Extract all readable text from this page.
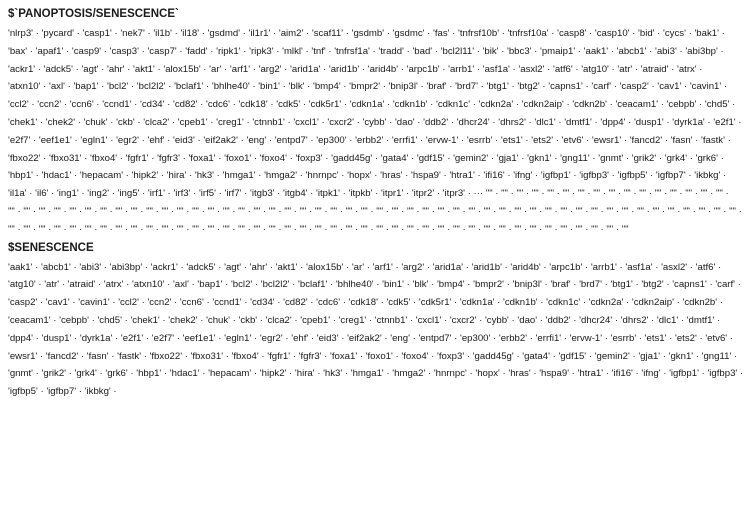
$`PANOPTOSIS/SENESCENCE`
'nlrp3' · 'pycard' · 'casp1' · 'nek7' · 'il1b' · 'il18' · 'gsdmd' · 'il1r1' · 'aim2' · 'scaf11' · 'gsdmb' · 'gsdmc' · 'fas' · 'tnfrsf10b' · 'tnfrsf10a' · 'casp8' · 'casp10' · 'bid' · 'cycs' · 'bak1' · 'bax' · 'apaf1' · 'casp9' · 'casp3' · 'casp7' · 'fadd' · 'ripk1' · 'ripk3' · 'mlkl' · 'tnf' · 'tnfrsf1a' · 'tradd' · 'bad' · 'bcl2l11' · 'bik' · 'bbc3' · 'pmaip1' · 'aak1' · 'abcb1' · 'abi3' · 'abi3bp' · 'ackr1' · 'adck5' · 'agt' · 'ahr' · 'akt1' · 'alox15b' · 'ar' · 'arf1' · 'arg2' · 'arid1a' · 'arid1b' · 'arid4b' · 'arpc1b' · 'arrb1' · 'asf1a' · 'asxl2' · 'atf6' · 'atg10' · 'atr' · 'atraid' · 'atrx' · 'atxn10' · 'axl' · 'bap1' · 'bcl2' · 'bcl2l2' · 'bclaf1' · 'bhlhe40' · 'bin1' · 'blk' · 'bmp4' · 'bmpr2' · 'bnip3l' · 'braf' · 'brd7' · 'btg1' · 'btg2' · 'capns1' · 'carf' · 'casp2' · 'cav1' · 'cavin1' · 'ccl2' · 'ccn2' · 'ccn6' · 'ccnd1' · 'cd34' · 'cd82' · 'cdc6' · 'cdk18' · 'cdk5' · 'cdk5r1' · 'cdkn1a' · 'cdkn1b' · 'cdkn1c' · 'cdkn2a' · 'cdkn2aip' · 'cdkn2b' · 'ceacam1' · 'cebpb' · 'chd5' · 'chek1' · 'chek2' · 'chuk' · 'ckb' · 'clca2' · 'cpeb1' · 'creg1' · 'ctnnb1' · 'cxcl1' · 'cxcr2' · 'cybb' · 'dao' · 'ddb2' · 'dhcr24' · 'dhrs2' · 'dlc1' · 'dmtf1' · 'dpp4' · 'dusp1' · 'dyrk1a' · 'e2f1' · 'e2f7' · 'eef1e1' · 'egln1' · 'egr2' · 'ehf' · 'eid3' · 'eif2ak2' · 'eng' · 'entpd7' · 'ep300' · 'erbb2' · 'errfi1' · 'ervw-1' · 'esrrb' · 'ets1' · 'ets2' · 'etv6' · 'ewsr1' · 'fancd2' · 'fasn' · 'fastk' · 'fbxo22' · 'fbxo31' · 'fbxo4' · 'fgfr1' · 'fgfr3' · 'foxa1' · 'foxo1' · 'foxo4' · 'foxp3' · 'gadd45g' · 'gata4' · 'gdf15' · 'gemin2' · 'gja1' · 'gkn1' · 'gng11' · 'gnmt' · 'grik2' · 'grk4' · 'grk6' · 'hbp1' · 'hdac1' · 'hepacam' · 'hipk2' · 'hira' · 'hk3' · 'hmga1' · 'hmga2' · 'hnrnpc' · 'hopx' · 'hras' · 'hspa9' · 'htra1' · 'ifi16' · 'ifng' · 'igfbp1' · 'igfbp3' · 'igfbp5' · 'igfbp7' · 'ikbkg' · 'il1a' · 'il6' · 'ing1' · 'ing2' · 'ing5' · 'irf1' · 'irf3' · 'irf5' · 'irf7' · 'itgb3' · 'itgb4' · 'itpk1' · 'itpkb' · 'itpr1' · 'itpr2' · 'itpr3' · ··· "" · "" · "" · "" · "" · "" · "" · "" · "" · "" · "" · "" · "" · "" · "" · "" · "" · "" · "" · "" · "" · "" · "" · "" · "" · "" · "" · "" · "" · "" · "" · "" · "" · "" · "" · "" · "" · "" · "" · "" · "" · "" · "" · "" · "" · "" · "" · "" · "" · "" · "" · "" · "" · "" · "" · "" · "" · "" · "" · "" · "" · "" · "" · "" · "" · "" · "" · "" · "" · "" · "" · "" · "" · "" · "" · "" · "" · "" · "" · "" · "" · "" · "" · "" · "" · "" · "" · "" · "" · "" · "" · "" · "" · "" · "" · "" · "" · "" · "" · "" · "" · "" · "" · "" · ""
$SENESCENCE
'aak1' · 'abcb1' · 'abi3' · 'abi3bp' · 'ackr1' · 'adck5' · 'agt' · 'ahr' · 'akt1' · 'alox15b' · 'ar' · 'arf1' · 'arg2' · 'arid1a' · 'arid1b' · 'arid4b' · 'arpc1b' · 'arrb1' · 'asf1a' · 'asxl2' · 'atf6' · 'atg10' · 'atr' · 'atraid' · 'atrx' · 'atxn10' · 'axl' · 'bap1' · 'bcl2' · 'bcl2l2' · 'bclaf1' · 'bhlhe40' · 'bin1' · 'blk' · 'bmp4' · 'bmpr2' · 'bnip3l' · 'braf' · 'brd7' · 'btg1' · 'btg2' · 'capns1' · 'carf' · 'casp2' · 'cav1' · 'cavin1' · 'ccl2' · 'ccn2' · 'ccn6' · 'ccnd1' · 'cd34' · 'cd82' · 'cdc6' · 'cdk18' · 'cdk5' · 'cdk5r1' · 'cdkn1a' · 'cdkn1b' · 'cdkn1c' · 'cdkn2a' · 'cdkn2aip' · 'cdkn2b' · 'ceacam1' · 'cebpb' · 'chd5' · 'chek1' · 'chek2' · 'chuk' · 'ckb' · 'clca2' · 'cpeb1' · 'creg1' · 'ctnnb1' · 'cxcl1' · 'cxcr2' · 'cybb' · 'dao' · 'ddb2' · 'dhcr24' · 'dhrs2' · 'dlc1' · 'dmtf1' · 'dpp4' · 'dusp1' · 'dyrk1a' · 'e2f1' · 'e2f7' · 'eef1e1' · 'egln1' · 'egr2' · 'ehf' · 'eid3' · 'eif2ak2' · 'eng' · 'entpd7' · 'ep300' · 'erbb2' · 'errfi1' · 'ervw-1' · 'esrrb' · 'ets1' · 'ets2' · 'etv6' · 'ewsr1' · 'fancd2' · 'fasn' · 'fastk' · 'fbxo22' · 'fbxo31' · 'fbxo4' · 'fgfr1' · 'fgfr3' · 'foxa1' · 'foxo1' · 'foxo4' · 'foxp3' · 'gadd45g' · 'gata4' · 'gdf15' · 'gemin2' · 'gja1' · 'gkn1' · 'gng11' · 'gnmt' · 'grik2' · 'grk4' · 'grk6' · 'hbp1' · 'hdac1' · 'hepacam' · 'hipk2' · 'hira' · 'hk3' · 'hmga1' · 'hmga2' · 'hnrnpc' · 'hopx' · 'hras' · 'hspa9' · 'htra1' · 'ifi16' · 'ifng' · 'igfbp1' · 'igfbp3' · 'igfbp5' · 'igfbp7' · 'ikbkg' ·
